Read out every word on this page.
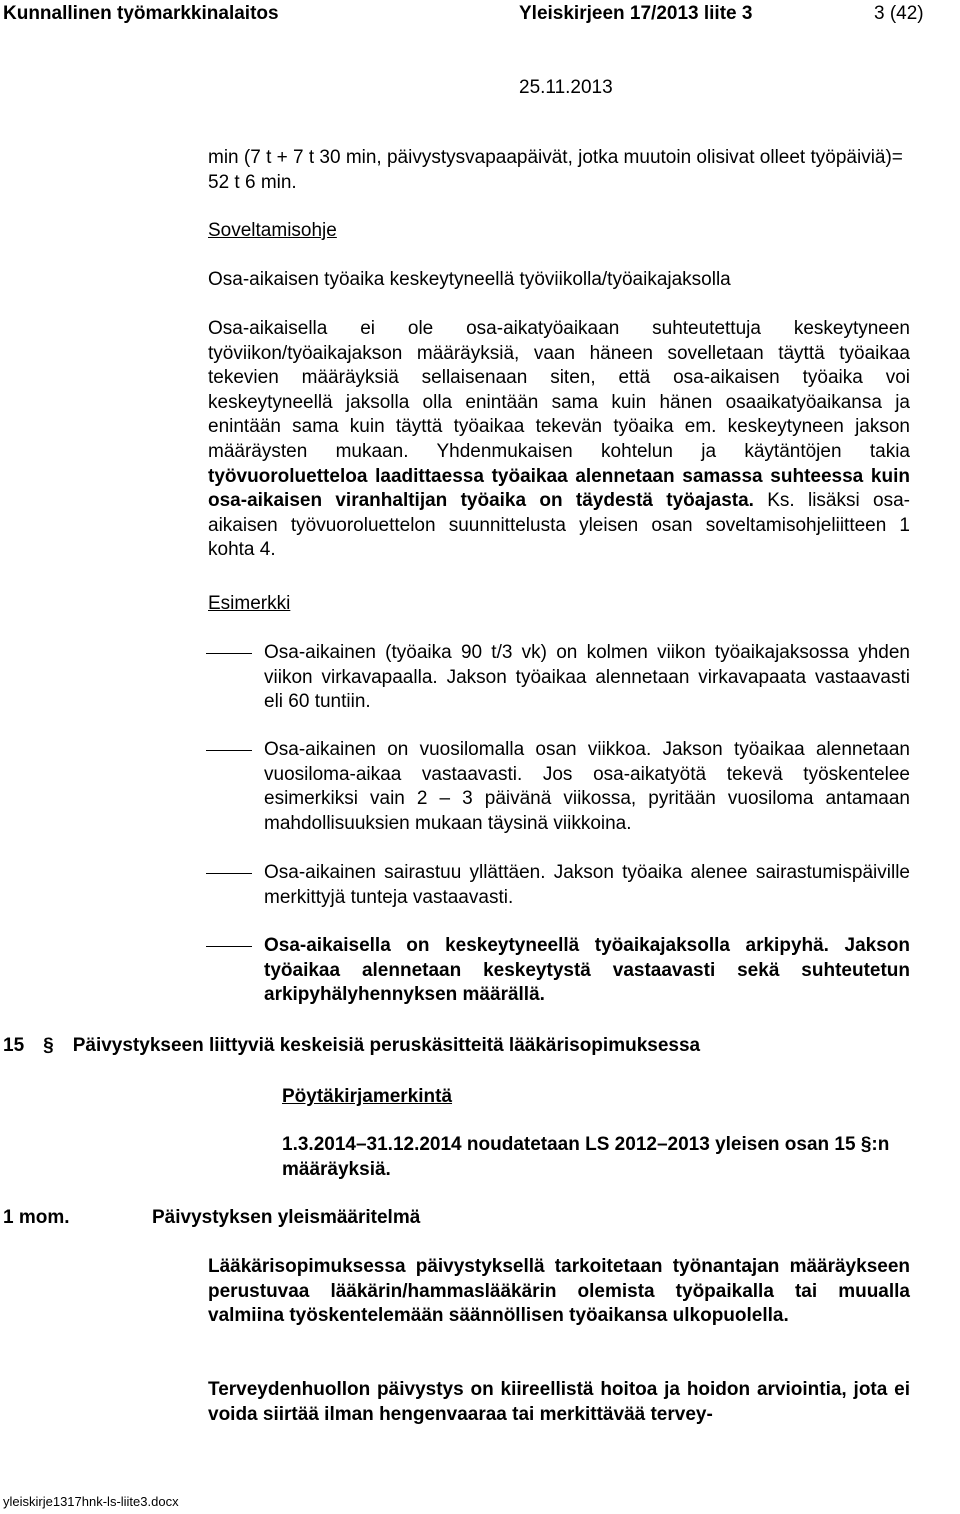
Kunnallinen työmarkkinalaitos	Yleiskirjeen 17/2013 liite 3	3 (42)
25.11.2013
min (7 t + 7 t 30 min, päivystysvapaapäivät, jotka muutoin olisivat olleet työpäiviä)= 52 t 6 min.
Soveltamisohje
Osa-aikaisen työaika keskeytyneellä työviikolla/työaikajaksolla
Osa-aikaisella ei ole osa-aikatyöaikaan suhteutettuja keskeytyneen työviikon/työaikajakson määräyksiä, vaan häneen sovelletaan täyttä työaikaa tekevien määräyksiä sellaisenaan siten, että osa-aikaisen työaika voi keskeytyneellä jaksolla olla enintään sama kuin hänen osaaikatyöaikansa ja enintään sama kuin täyttä työaikaa tekevän työaika em. keskeytyneen jakson määräysten mukaan. Yhdenmukaisen kohtelun ja käytäntöjen takia työvuoroluetteloa laadittaessa työaikaa alennetaan samassa suhteessa kuin osa-aikaisen viranhaltijan työaika on täydestä työajasta. Ks. lisäksi osa-aikaisen työvuoroluettelon suunnittelusta yleisen osan soveltamisohjeliitteen 1 kohta 4.
Esimerkki
Osa-aikainen (työaika 90 t/3 vk) on kolmen viikon työaikajaksossa yhden viikon virkavapaalla. Jakson työaikaa alennetaan virkavapaata vastaavasti eli 60 tuntiin.
Osa-aikainen on vuosilomalla osan viikkoa. Jakson työaikaa alennetaan vuosiloma-aikaa vastaavasti. Jos osa-aikatyötä tekevä työskentelee esimerkiksi vain 2 – 3 päivänä viikossa, pyritään vuosiloma antamaan mahdollisuuksien mukaan täysinä viikkoina.
Osa-aikainen sairastuu yllättäen. Jakson työaika alenee sairastumispäiville merkittyjä tunteja vastaavasti.
Osa-aikaisella on keskeytyneellä työaikajaksolla arkipyhä. Jakson työaikaa alennetaan keskeytystä vastaavasti sekä suhteutetun arkipyhälyhennyksen määrällä.
15 § Päivystykseen liittyviä keskeisiä peruskäsitteitä lääkärisopimuksessa
Pöytäkirjamerkintä
1.3.2014–31.12.2014 noudatetaan LS 2012–2013 yleisen osan 15 §:n määräyksiä.
1 mom.	Päivystyksen yleismääritelmä
Lääkärisopimuksessa päivystyksellä tarkoitetaan työnantajan määräykseen perustuvaa lääkärin/hammaslääkärin olemista työpaikalla tai muualla valmiina työskentelemään säännöllisen työaikansa ulkopuolella.
Terveydenhuollon päivystys on kiireellistä hoitoa ja hoidon arviointia, jota ei voida siirtää ilman hengenvaaraa tai merkittävää tervey-
yleiskirje1317hnk-ls-liite3.docx
